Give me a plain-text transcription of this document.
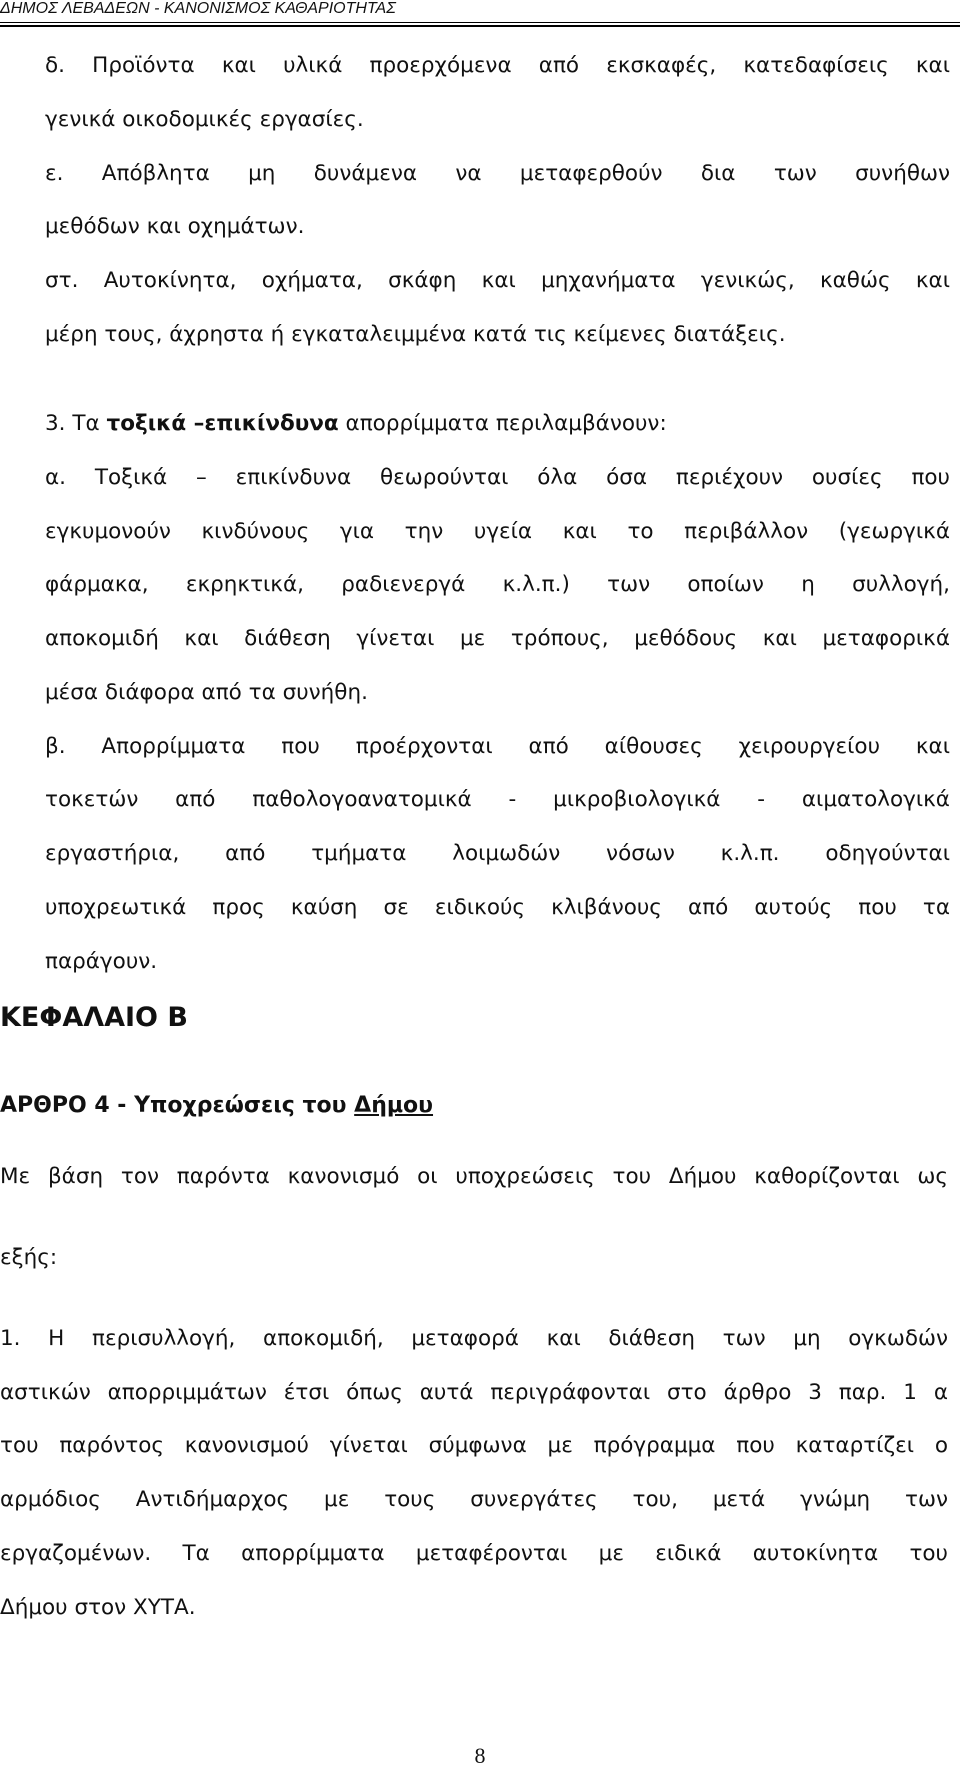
ΔΗΜΟΣ ΛΕΒΑΔΕΩΝ - ΚΑΝΟΝΙΣΜΟΣ ΚΑΘΑΡΙΟΤΗΤΑΣ
δ. Προϊόντα και υλικά προερχόμενα από εκσκαφές, κατεδαφίσεις και
γενικά οικοδομικές εργασίες.
ε. Απόβλητα μη δυνάμενα να μεταφερθούν δια των συνήθων
μεθόδων και οχημάτων.
στ. Αυτοκίνητα, οχήματα, σκάφη και μηχανήματα γενικώς, καθώς και
μέρη τους, άχρηστα ή εγκαταλειμμένα κατά τις κείμενες διατάξεις.
3. Τα τοξικά –επικίνδυνα απορρίμματα περιλαμβάνουν:
α. Τοξικά – επικίνδυνα θεωρούνται όλα όσα περιέχουν ουσίες που
εγκυμονούν κινδύνους για την υγεία και το περιβάλλον (γεωργικά
φάρμακα, εκρηκτικά, ραδιενεργά κ.λ.π.) των οποίων η συλλογή,
αποκομιδή και διάθεση γίνεται με τρόπους, μεθόδους και μεταφορικά
μέσα διάφορα από τα συνήθη.
β. Απορρίμματα που προέρχονται από αίθουσες χειρουργείου και
τοκετών από παθολογοανατομικά - μικροβιολογικά - αιματολογικά
εργαστήρια, από τμήματα λοιμωδών νόσων κ.λ.π. οδηγούνται
υποχρεωτικά προς καύση σε ειδικούς κλιβάνους από αυτούς που τα
παράγουν.
ΚΕΦΑΛΑΙΟ Β
ΑΡΘΡΟ 4 - Υποχρεώσεις του Δήμου
Με βάση τον παρόντα κανονισμό οι υποχρεώσεις του Δήμου καθορίζονται ως
εξής:
1. Η περισυλλογή, αποκομιδή, μεταφορά και διάθεση των μη ογκωδών
αστικών απορριμμάτων έτσι όπως αυτά περιγράφονται στο άρθρο 3 παρ. 1 α
του παρόντος κανονισμού γίνεται σύμφωνα με πρόγραμμα που καταρτίζει ο
αρμόδιος Αντιδήμαρχος με τους συνεργάτες του, μετά γνώμη των
εργαζομένων. Τα απορρίμματα μεταφέρονται με ειδικά αυτοκίνητα του
Δήμου στον ΧΥΤΑ.
8
